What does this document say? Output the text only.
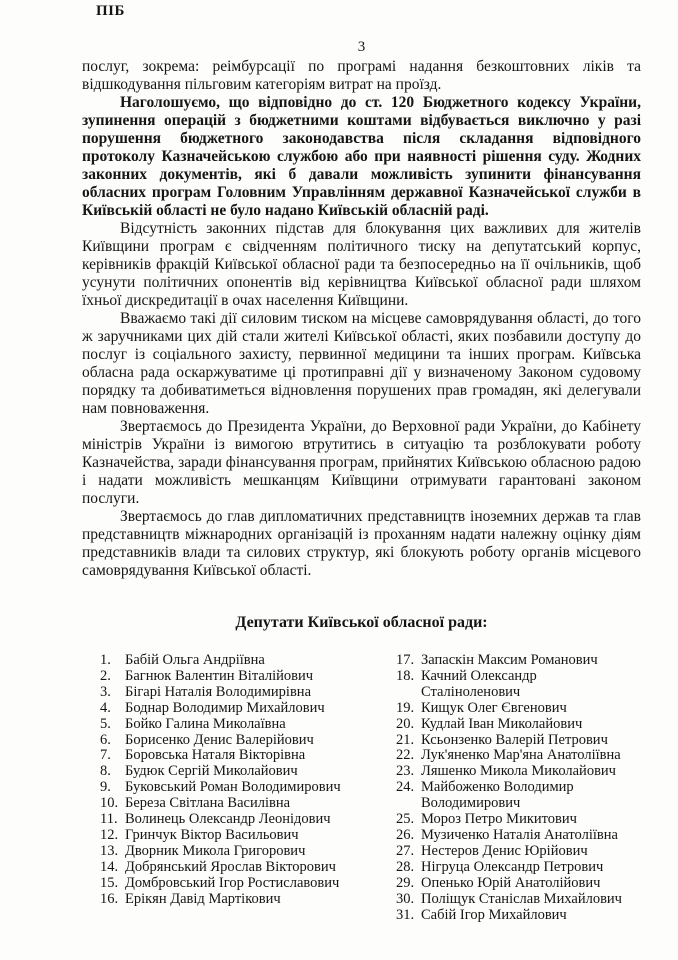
ПІБ
3

послуг, зокрема: реімбурсації по програмі надання безкоштовних ліків та відшкодування пільговим категоріям витрат на проїзд.

Наголошуємо, що відповідно до ст. 120 Бюджетного кодексу України, зупинення операцій з бюджетними коштами відбувається виключно у разі порушення бюджетного законодавства після складання відповідного протоколу Казначейською службою або при наявності рішення суду. Жодних законних документів, які б давали можливість зупинити фінансування обласних програм Головним Управлінням державної Казначейської служби в Київській області не було надано Київській обласній раді.

Відсутність законних підстав для блокування цих важливих для жителів Київщини програм є свідченням політичного тиску на депутатський корпус, керівників фракцій Київської обласної ради та безпосередньо на її очільників, щоб усунути політичних опонентів від керівництва Київської обласної ради шляхом їхньої дискредитації в очах населення Київщини.

Вважаємо такі дії силовим тиском на місцеве самоврядування області, до того ж заручниками цих дій стали жителі Київської області, яких позбавили доступу до послуг із соціального захисту, первинної медицини та інших програм. Київська обласна рада оскаржуватиме ці протиправні дії у визначеному Законом судовому порядку та добиватиметься відновлення порушених прав громадян, які делегували нам повноваження.

Звертаємось до Президента України, до Верховної ради України, до Кабінету міністрів України із вимогою втрутитись в ситуацію та розблокувати роботу Казначейства, заради фінансування програм, прийнятих Київською обласною радою і надати можливість мешканцям Київщини отримувати гарантовані законом послуги.

Звертаємось до глав дипломатичних представництв іноземних держав та глав представництв міжнародних організацій із проханням надати належну оцінку діям представників влади та силових структур, які блокують роботу органів місцевого самоврядування Київської області.

Депутати Київської обласної ради:
1. Бабій Ольга Андріївна
2. Багнюк Валентин Віталійович
3. Бігарі Наталія Володимирівна
4. Боднар Володимир Михайлович
5. Бойко Галина Миколаївна
6. Борисенко Денис Валерійович
7. Боровська Наталя Вікторівна
8. Будюк Сергій Миколайович
9. Буковський Роман Володимирович
10. Береза Світлана Василівна
11. Волинець Олександр Леонідович
12. Гринчук Віктор Васильович
13. Дворник Микола Григорович
14. Добрянський Ярослав Вікторович
15. Домбровський Ігор Ростиславович
16. Ерікян Давід Мартікович
17. Запаскін Максим Романович
18. Качний Олександр Сталіноленович
19. Кищук Олег Євгенович
20. Кудлай Іван Миколайович
21. Ксьонзенко Валерій Петрович
22. Лук'яненко Мар'яна Анатоліївна
23. Ляшенко Микола Миколайович
24. Майбоженко Володимир Володимирович
25. Мороз Петро Микитович
26. Музиченко Наталія Анатоліївна
27. Нестеров Денис Юрійович
28. Нігруца Олександр Петрович
29. Опенько Юрій Анатолійович
30. Поліщук Станіслав Михайлович
31. Сабій Ігор Михайлович
